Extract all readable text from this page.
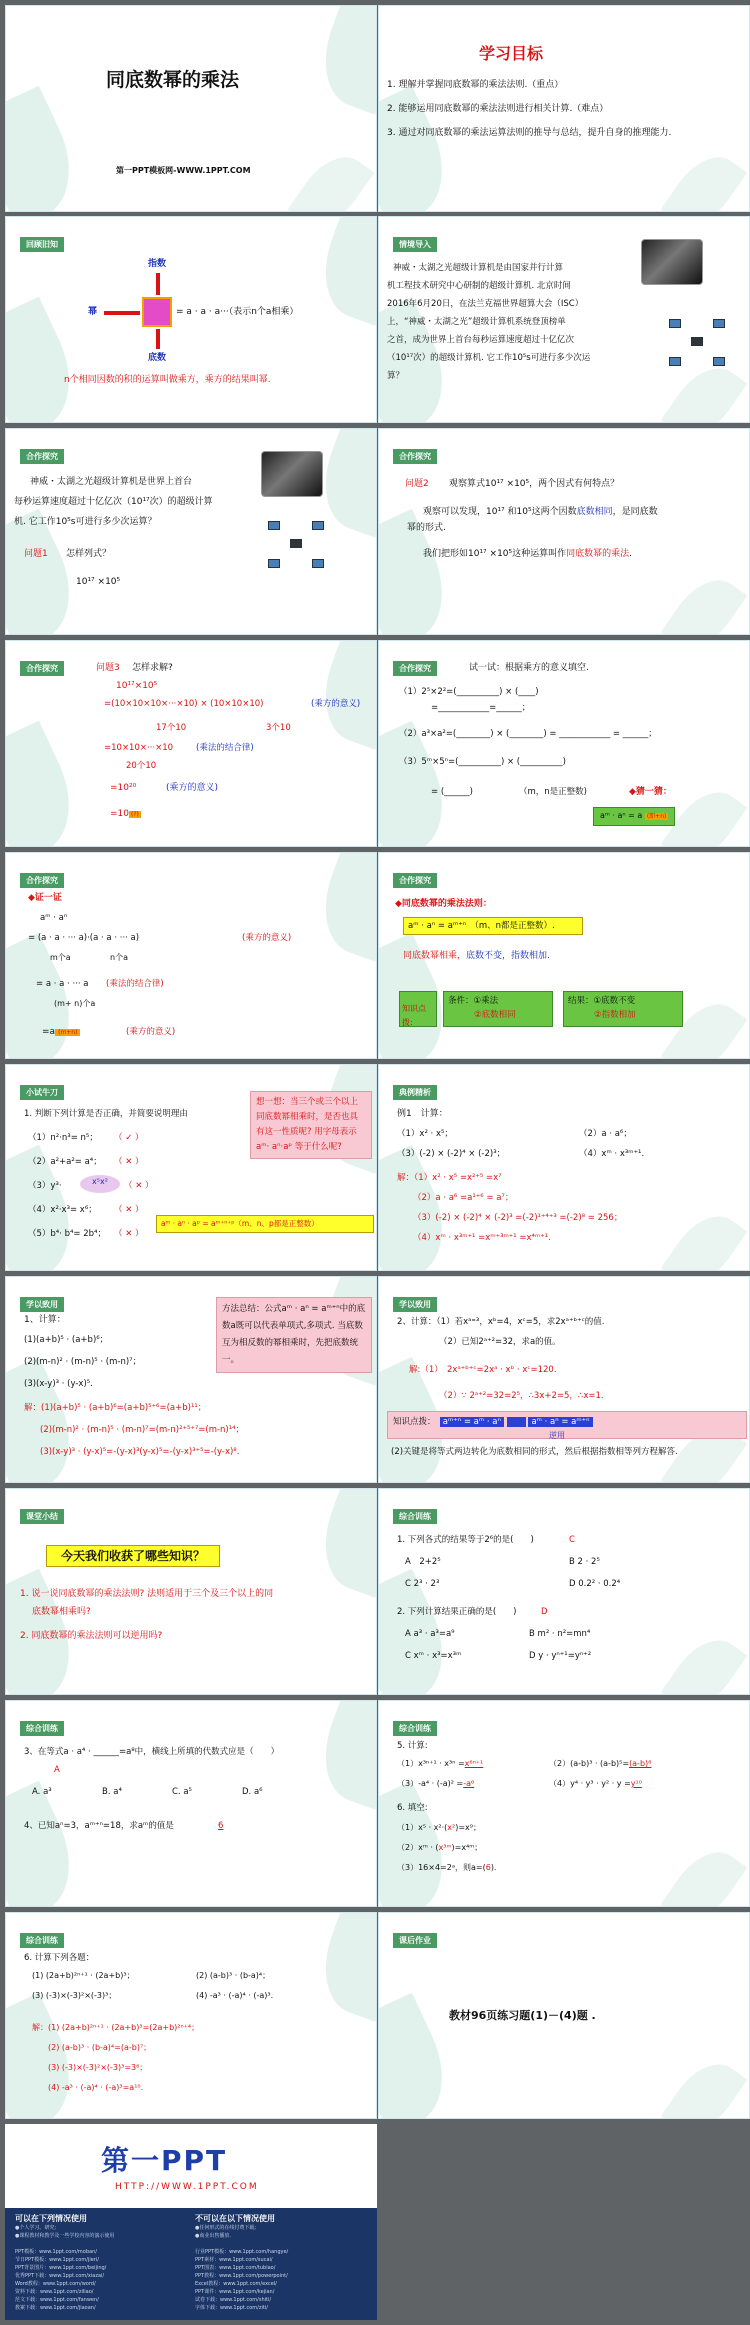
同底数幂的乘法
第一PPT模板网-WWW.1PPT.COM
学习目标
1. 理解并掌握同底数幂的乘法法则.（重点）
2. 能够运用同底数幂的乘法法则进行相关计算.（难点）
3. 通过对同底数幂的乘法运算法则的推导与总结，提升自身的推理能力.
回顾旧知
指数
幂	= a · a · a···（表示n个a相乘）
底数
n个相同因数的积的运算叫做乘方，乘方的结果叫幂.
情境导入
神威・太湖之光超级计算机是由国家并行计算
机工程技术研究中心研制的超级计算机. 北京时间
2016年6月20日，在法兰克福世界超算大会（ISC）
上，“神威・太湖之光”超级计算机系统登顶榜单
之首，成为世界上首台每秒运算速度超过十亿亿次
（10¹⁷次）的超级计算机. 它工作10⁵s可进行多少次运
算？
合作探究
神威・太湖之光超级计算机是世界上首台
每秒运算速度超过十亿亿次（10¹⁷次）的超级计算
机. 它工作10⁵s可进行多少次运算？
问题1 怎样列式？
10¹⁷ ×10⁵
合作探究
问题2 观察算式10¹⁷ ×10⁵，两个因式有何特点？
观察可以发现，10¹⁷ 和10⁵这两个因数底数相同，是同底数
幂的形式.
我们把形如10¹⁷ ×10⁵这种运算叫作同底数幂的乘法.
合作探究	问题3 怎样求解?
10¹⁷×10⁵
=(10×10×10×···×10) × (10×10×10)	(乘方的意义)
17个10	3个10
=10×10×···×10	(乘法的结合律)
20个10
=10²⁰	(乘方的意义)
=10 (?)
合作探究	试一试：根据乘方的意义填空.
（1）2⁵×2²=(__________) × (____)
=____________=______；
（2）a³×a²=(________) × (________) = ____________ = ______；
（3）5ᵐ×5ⁿ=(__________) × (__________)
= (______)	（m，n是正整数)	◆猜一猜：
aᵐ · aⁿ = a (即+n)
合作探究
◆证一证
aᵐ · aⁿ
= (a · a · ··· a)·(a · a · ··· a)	(乘方的意义)
m个a	n个a
= a · a · ··· a (乘法的结合律)
(m+ n)个a
=a (m+n)	(乘方的意义)
合作探究
◆同底数幂的乘法法则：
aᵐ · aⁿ = aᵐ⁺ⁿ　 （m、n都是正整数）.
同底数幂相乘，底数不变，指数相加.
知识点拨:
条件：①乘法
②底数相同
结果：①底数不变
②指数相加
小试牛刀
1. 判断下列计算是否正确，并简要说明理由
（1）n²·n³= n⁵； （ ✓ ）
（2）a²+a²= a⁴； （ ✕ ）
（3）y³·	x⁵x²	（ ✕ ）
（4）x²·x³= x⁶； （ ✕ ）
（5）b⁴· b⁴= 2b⁴； （ ✕ ）
想一想：当三个或三个以上同底数幂相乘时，是否也具有这一性质呢? 用字母表示 aᵐ· aⁿ·aᵖ 等于什么呢?
aᵐ · aⁿ · aᵖ = aᵐ⁺ⁿ⁺ᵖ（m、n、p都是正整数）
典例精析
例1　计算：
（1）x² · x⁵；	（2）a · a⁶；
（3）(-2) × (-2)⁴ × (-2)³；	（4）xᵐ · x³ᵐ⁺¹.
解：（1）x² · x⁵ =x²⁺⁵ =x⁷
（2）a · a⁶ =a¹⁺⁶ = a⁷；
（3）(-2) × (-2)⁴ × (-2)³ =(-2)¹⁺⁴⁺³ =(-2)⁸ = 256；
（4）xᵐ · x³ᵐ⁺¹ =xᵐ⁺³ᵐ⁺¹ =x⁴ᵐ⁺¹.
学以致用
1、计算：
(1)(a+b)⁵ · (a+b)⁶；
(2)(m-n)² · (m-n)⁵ · (m-n)⁷；
(3)(x-y)³ · (y-x)⁵.
方法总结：公式aᵐ · aⁿ = aᵐ⁺ⁿ中的底数a既可以代表单项式,多项式. 当底数互为相反数的幂相乘时，先把底数统一。
解：(1)(a+b)⁵ · (a+b)⁶=(a+b)⁵⁺⁶=(a+b)¹¹；
(2)(m-n)² · (m-n)⁵ · (m-n)⁷=(m-n)²⁺⁵⁺⁷=(m-n)¹⁴；
(3)(x-y)³ · (y-x)⁵=-(y-x)³(y-x)⁵=-(y-x)³⁺⁵=-(y-x)⁸.
学以致用
2、计算：（1）若xᵃ⁼³，xᵇ=4，xᶜ=5，求2xᵃ⁺ᵇ⁺ᶜ的值.
（2）已知2ᵃ⁺²=32，求a的值。
解:（1）　2xᵃ⁺ᵇ⁺ᶜ=2xᵃ · xᵇ · xᶜ=120.
（2）∵ 2ᵃ⁺²=32=2⁵，∴3x+2=5，∴x=1.
知识点拨：　 aᵐ⁺ⁿ = aᵐ · aⁿ → aᵐ · aⁿ = aᵐ⁺ⁿ
逆用
(2)关键是将等式两边转化为底数相同的形式，然后根据指数相等列方程解答.
课堂小结
今天我们收获了哪些知识？
1. 说一说同底数幂的乘法法则? 法则适用于三个及三个以上的同
底数幂相乘吗?
2. 同底数幂的乘法法则可以逆用吗?
综合训练
1. 下列各式的结果等于2⁶的是(　　)	C
A　2+2⁵	B 2 · 2⁵
C 2³ · 2³	D 0.2² · 0.2⁴
2. 下列计算结果正确的是(　　)	D
A a³ · a³=a⁹	B m² · n²=mn⁴
C xᵐ · x³=x³ᵐ	D y · yⁿ⁺¹=yⁿ⁺²
综合训练
3、在等式a · a⁴ · ______=a⁸中，横线上所填的代数式应是（　　）
A
A. a³	B. a⁴	C. a⁵	D. a⁶
4、已知aⁿ=3，aᵐ⁺ⁿ=18，求aᵐ的值是	6
综合训练
5. 计算:
（1）x³ⁿ⁺¹ · x³ⁿ =x⁶ⁿ⁺¹	（2）(a-b)³ · (a-b)⁵=(a-b)⁸
（3）-a⁴ · (-a)² =-a⁶	（4）y⁴ · y³ · y² · y =y¹⁰
6. 填空:
（1）x⁵ · x²·(x²)=x⁹；
（2）xᵐ · (x³ᵐ)=x⁴ᵐ；
（3）16×4=2ᵃ，则a=(6).
综合训练
6. 计算下列各题：
(1) (2a+b)²ⁿ⁺¹ · (2a+b)³；	(2) (a-b)³ · (b-a)⁴；
(3) (-3)×(-3)²×(-3)³；	(4) -a³ · (-a)⁴ · (-a)³.
解：(1) (2a+b)²ⁿ⁺¹ · (2a+b)³=(2a+b)²ⁿ⁺⁴；
(2) (a-b)³ · (b-a)⁴=(a-b)⁷；
(3) (-3)×(-3)²×(-3)³=3⁶；
(4) -a³ · (-a)⁴ · (-a)³=a¹⁰.
课后作业
教材96页练习题(1)－(4)题 .
第一PPT
HTTP://WWW.1PPT.COM
可以在下列情况使用
●个人学习、研究;
●课程教材和教学及一些学校内容的演示使用
不可以在以下情况使用
●任何形式的在线付费下载;
●商业出售播放.
PPT模板：www.1ppt.com/moban/
节日PPT模板：www.1ppt.com/jieri/
PPT背景图片：www.1ppt.com/beijing/
优秀PPT下载：www.1ppt.com/xiazai/
Word教程：www.1ppt.com/word/
资料下载：www.1ppt.com/ziliao/
范文下载：www.1ppt.com/fanwen/
教案下载：www.1ppt.com/jiaoan/
行业PPT模板：www.1ppt.com/hangye/
PPT素材：www.1ppt.com/sucai/
PPT图表：www.1ppt.com/tubiao/
PPT教程：www.1ppt.com/powerpoint/
Excel教程：www.1ppt.com/excel/
PPT课件：www.1ppt.com/kejian/
试卷下载：www.1ppt.com/shiti/
字体下载：www.1ppt.com/ziti/
